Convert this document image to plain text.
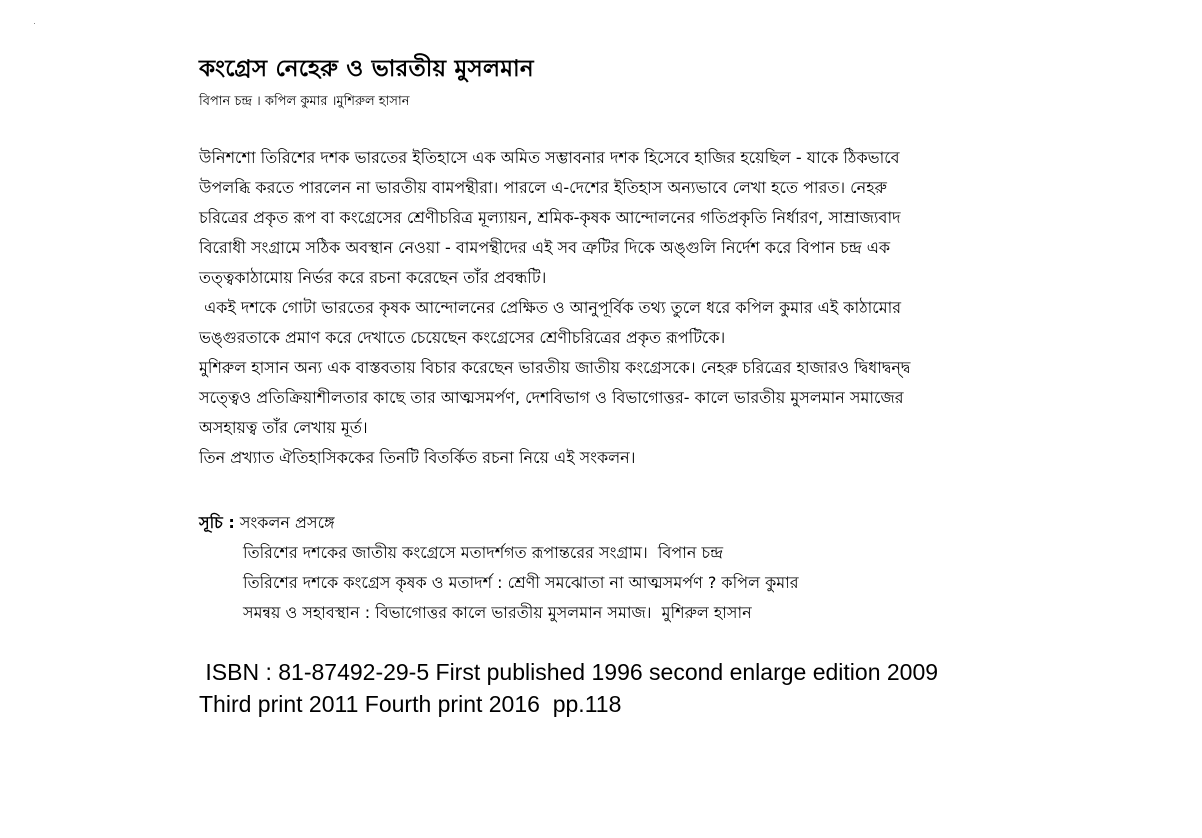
কংগ্রেস নেহেরু ও ভারতীয় মুসলমান
বিপান চন্দ্র । কপিল কুমার ।মুশিরুল হাসান

উনিশশো তিরিশের দশক ভারতের ইতিহাসে এক অমিত সম্ভাবনার দশক হিসেবে হাজির হয়েছিল - যাকে ঠিকভাবে

উপলব্ধি করতে পারলেন না ভারতীয় বামপন্থীরা। পারলে এ-দেশের ইতিহাস অন্যভাবে লেখা হতে পারত। নেহরু

চরিত্রের প্রকৃত রূপ বা কংগ্রেসের শ্রেণীচরিত্র মূল্যায়ন, শ্রমিক-কৃষক আন্দোলনের গতিপ্রকৃতি নির্ধারণ, সাম্রাজ্যবাদ

বিরোধী সংগ্রামে সঠিক অবস্থান নেওয়া - বামপন্থীদের এই সব ত্রুটির দিকে অঙ্গুলি নির্দেশ করে বিপান চন্দ্র এক

তত্ত্বকাঠামোয় নির্ভর করে রচনা করেছেন তাঁর প্রবন্ধটি।

একই দশকে গোটা ভারতের কৃষক আন্দোলনের প্রেক্ষিত ও আনুপূর্বিক তথ্য তুলে ধরে কপিল কুমার এই কাঠামোর

ভঙ্গুরতাকে প্রমাণ করে দেখাতে চেয়েছেন কংগ্রেসের শ্রেণীচরিত্রের প্রকৃত রূপটিকে।

মুশিরুল হাসান অন্য এক বাস্তবতায় বিচার করেছেন ভারতীয় জাতীয় কংগ্রেসকে। নেহরু চরিত্রের হাজারও দ্বিধাদ্বন্দ্ব

সত্ত্বেও প্রতিক্রিয়াশীলতার কাছে তার আত্মসমর্পণ, দেশবিভাগ ও বিভাগোত্তর- কালে ভারতীয় মুসলমান সমাজের

অসহায়ত্ব তাঁর লেখায় মূর্ত।

তিন প্রখ্যাত ঐতিহাসিককের তিনটি বিতর্কিত রচনা নিয়ে এই সংকলন।

সূচি : সংকলন প্রসঙ্গে
তিরিশের দশকের জাতীয় কংগ্রেসে মতাদর্শগত রূপান্তরের সংগ্রাম।  বিপান চন্দ্র
তিরিশের দশকে কংগ্রেস কৃষক ও মতাদর্শ : শ্রেণী সমঝোতা না আত্মসমর্পণ ? কপিল কুমার
সমন্বয় ও সহাবস্থান : বিভাগোত্তর কালে ভারতীয় মুসলমান সমাজ।  মুশিরুল হাসান
ISBN : 81-87492-29-5 First published 1996 second enlarge edition 2009
Third print 2011 Fourth print 2016  pp.118
